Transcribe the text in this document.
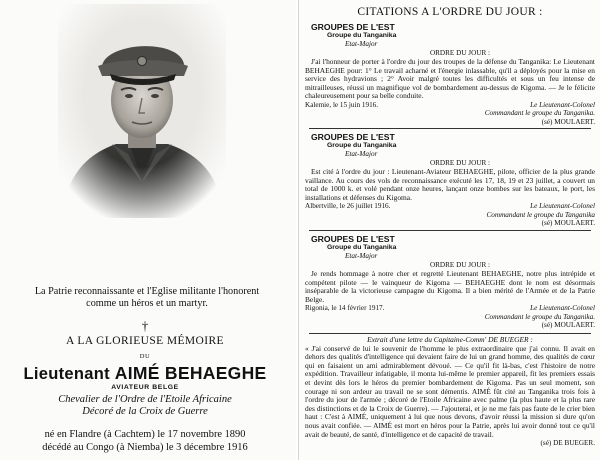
La Patrie reconnaissante et l'Eglise militante l'honorent
comme un héros et un martyr.
†
A LA GLORIEUSE MÉMOIRE
DU
Lieutenant AIMÉ BEHAEGHE
AVIATEUR BELGE
Chevalier de l'Ordre de l'Etoile Africaine
Décoré de la Croix de Guerre
né en Flandre (à Cachtem) le 17 novembre 1890
décédé au Congo (à Niemba) le 3 décembre 1916
CITATIONS A L'ORDRE DU JOUR :
GROUPES DE L'EST
Groupe du Tanganika
Etat-Major
ORDRE DU JOUR :

J'ai l'honneur de porter à l'ordre du jour des troupes de la défense du Tanganika: Le Lieutenant BEHAEGHE pour: 1° Le travail acharné et l'énergie inlassable, qu'il a déployés pour la mise en service des hydravions ; 2° Avoir malgré toutes les difficultés et sous un feu intense de mitrailleuses, réussi un magnifique vol de bombardement au-dessus de Kigoma. — Je le félicite chaleureusement pour sa belle conduite.

Kalemie, le 15 juin 1916.	Le Lieutenant-Colonel
Commandant le groupe du Tanganika.
(sé) MOULAERT.
GROUPES DE L'EST
Groupe du Tanganika
Etat-Major
ORDRE DU JOUR :

Est cité à l'ordre du jour : Lieutenant-Aviateur BEHAEGHE, pilote, officier de la plus grande vaillance. Au cours des vols de reconnaissance exécuté les 17, 18, 19 et 23 juillet, a couvert un total de 1000 k. et volé pendant onze heures, lançant onze bombes sur les bateaux, le port, les installations et défenses du Kigoma.

Albertville, le 26 juillet 1916.	Le Lieutenant-Colonel
Commandant le groupe du Tanganika
(sé) MOULAERT.
GROUPES DE L'EST
Groupe du Tanganika
Etat-Major
ORDRE DU JOUR :

Je rends hommage à notre cher et regretté Lieutenant BEHAEGHE, notre plus intrépide et compétent pilote — le vainqueur de Kigoma — BEHAEGHE dont le nom est désormais inséparable de la victorieuse campagne du Kigoma. Il a bien mérité de l'Armée et de la Patrie Belge.

Rigonia, le 14 février 1917.	Le Lieutenant-Colonel
Commandant le groupe du Tanganika.
(sé) MOULAERT.
Extrait d'une lettre du Capitaine-Comm' DE BUEGER :

« J'ai conservé de lui le souvenir de l'homme le plus extraordinaire que j'ai connu. Il avait en dehors des qualités d'intelligence qui devaient faire de lui un grand homme, des qualités de cœur qui en faisaient un ami admirablement dévoué. — Ce qu'il fit là-bas, c'est l'histoire de notre expédition. Travailleur infatigable, il monta lui-même le premier appareil, fit les premiers essais et devint dès lors le héros du premier bombardement de Kigoma. Pas un seul moment, son courage ni son ardeur au travail ne se sont démentis. AIMÉ fût cité au Tanganika trois fois à l'ordre du jour de l'armée ; décoré de l'Etoile Africaine avec palme (la plus haute et la plus rare des distinctions et de la Croix de Guerre). — J'ajouterai, et je ne me fais pas faute de le crier bien haut : C'est à AIMÉ, uniquement à lui que nous devons, d'avoir réussi la mission si dure qu'on nous avait confiée. — AIMÉ est mort en héros pour la Patrie, après lui avoir donné tout ce qu'il avait de beauté, de santé, d'intelligence et de capacité de travail.

(sé) DE BUEGER.
